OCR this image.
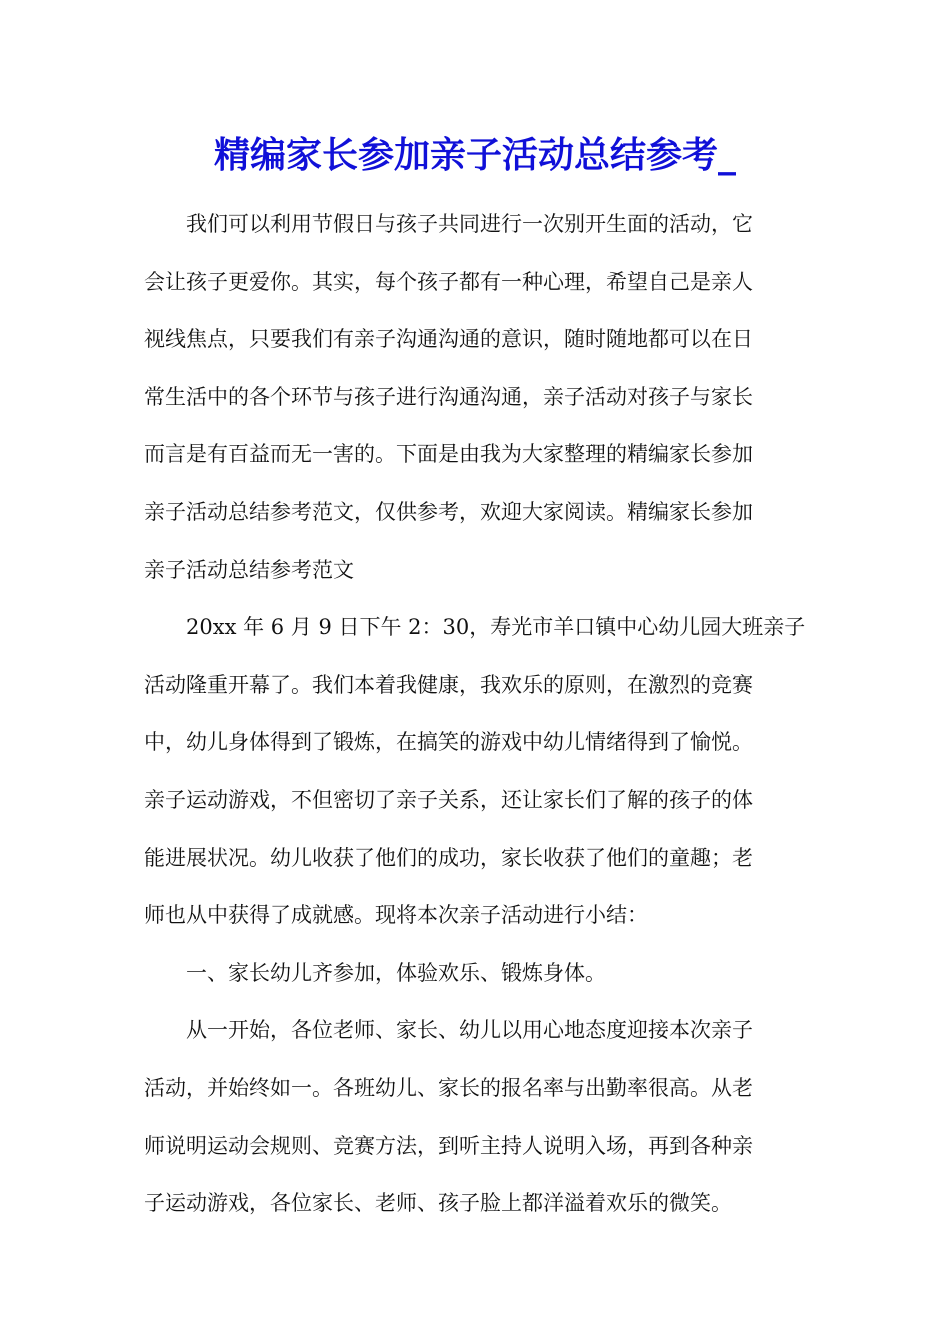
精编家长参加亲子活动总结参考_

我们可以利用节假日与孩子共同进行一次别开生面的活动，它
会让孩子更爱你。其实，每个孩子都有一种心理，希望自己是亲人
视线焦点，只要我们有亲子沟通沟通的意识，随时随地都可以在日
常生活中的各个环节与孩子进行沟通沟通，亲子活动对孩子与家长
而言是有百益而无一害的。下面是由我为大家整理的精编家长参加
亲子活动总结参考范文，仅供参考，欢迎大家阅读。精编家长参加
亲子活动总结参考范文

20xx 年 6 月 9 日下午 2：30，寿光市羊口镇中心幼儿园大班亲子
活动隆重开幕了。我们本着我健康，我欢乐的原则，在激烈的竞赛
中，幼儿身体得到了锻炼，在搞笑的游戏中幼儿情绪得到了愉悦。
亲子运动游戏，不但密切了亲子关系，还让家长们了解的孩子的体
能进展状况。幼儿收获了他们的成功，家长收获了他们的童趣；老
师也从中获得了成就感。现将本次亲子活动进行小结：

一、家长幼儿齐参加，体验欢乐、锻炼身体。

从一开始，各位老师、家长、幼儿以用心地态度迎接本次亲子
活动，并始终如一。各班幼儿、家长的报名率与出勤率很高。从老
师说明运动会规则、竞赛方法，到听主持人说明入场，再到各种亲
子运动游戏，各位家长、老师、孩子脸上都洋溢着欢乐的微笑。
